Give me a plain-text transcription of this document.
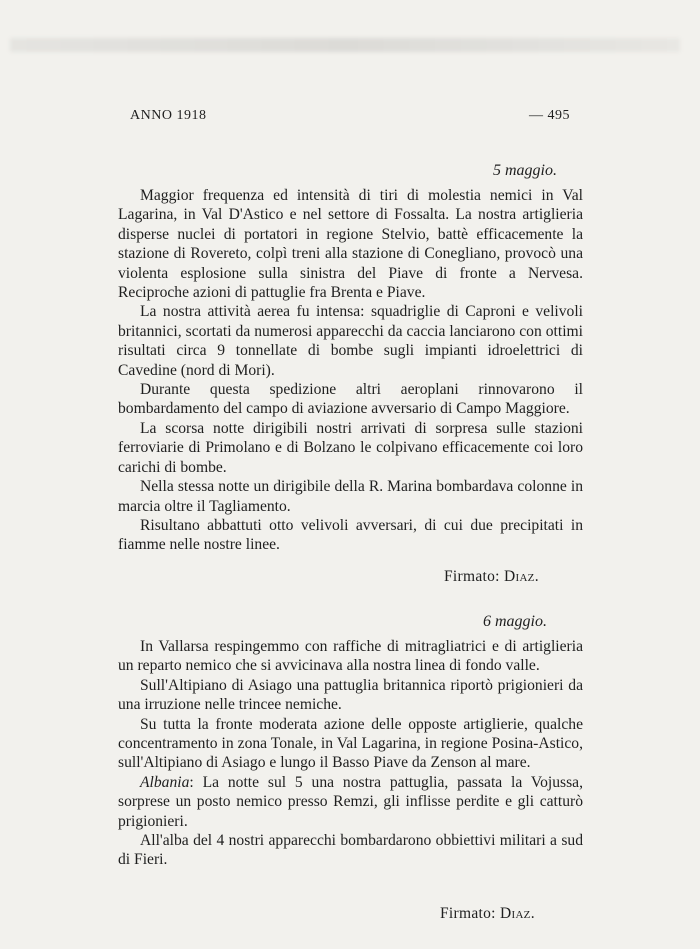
ANNO 1918	— 495
5 maggio.

Maggior frequenza ed intensità di tiri di molestia nemici in Val Lagarina, in Val D'Astico e nel settore di Fossalta. La nostra artiglieria disperse nuclei di portatori in regione Stelvio, battè efficacemente la stazione di Rovereto, colpì treni alla stazione di Conegliano, provocò una violenta esplosione sulla sinistra del Piave di fronte a Nervesa. Reciproche azioni di pattuglie fra Brenta e Piave.

La nostra attività aerea fu intensa: squadriglie di Caproni e velivoli britannici, scortati da numerosi apparecchi da caccia lanciarono con ottimi risultati circa 9 tonnellate di bombe sugli impianti idroelettrici di Cavedine (nord di Mori).

Durante questa spedizione altri aeroplani rinnovarono il bombardamento del campo di aviazione avversario di Campo Maggiore.

La scorsa notte dirigibili nostri arrivati di sorpresa sulle stazioni ferroviarie di Primolano e di Bolzano le colpivano efficacemente coi loro carichi di bombe.

Nella stessa notte un dirigibile della R. Marina bombardava colonne in marcia oltre il Tagliamento.

Risultano abbattuti otto velivoli avversari, di cui due precipitati in fiamme nelle nostre linee.

Firmato: Diaz.
6 maggio.

In Vallarsa respingemmo con raffiche di mitragliatrici e di artiglieria un reparto nemico che si avvicinava alla nostra linea di fondo valle.

Sull'Altipiano di Asiago una pattuglia britannica riportò prigionieri da una irruzione nelle trincee nemiche.

Su tutta la fronte moderata azione delle opposte artiglierie, qualche concentramento in zona Tonale, in Val Lagarina, in regione Posina-Astico, sull'Altipiano di Asiago e lungo il Basso Piave da Zenson al mare.

Albania: La notte sul 5 una nostra pattuglia, passata la Vojussa, sorprese un posto nemico presso Remzi, gli inflisse perdite e gli catturò prigionieri.

All'alba del 4 nostri apparecchi bombardarono obbiettivi militari a sud di Fieri.

Firmato: Diaz.
